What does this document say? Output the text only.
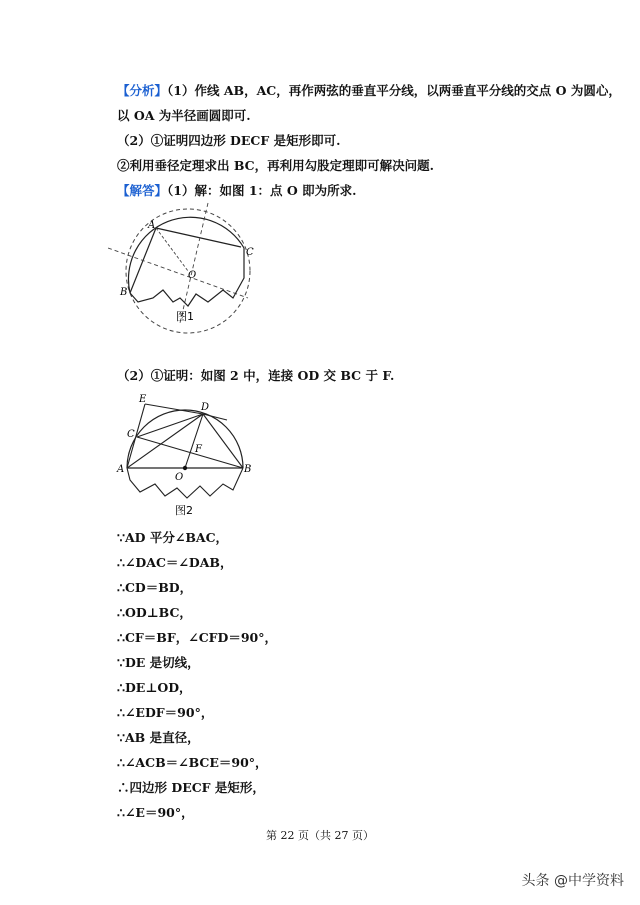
【分析】（1）作线 AB，AC，再作两弦的垂直平分线，以两垂直平分线的交点 O 为圆心，
以 OA 为半径画圆即可.
（2）①证明四边形 DECF 是矩形即可.
②利用垂径定理求出 BC，再利用勾股定理即可解决问题.
【解答】（1）解：如图 1：点 O 即为所求.
A
B
C
O
图1
（2）①证明：如图 2 中，连接 OD 交 BC 于 F.
E
D
C
F
A	B
O
图2
∵AD 平分∠BAC，
∴∠DAC＝∠DAB，
∴CD＝BD，
∴OD⊥BC，
∴CF＝BF，∠CFD＝90°，
∵DE 是切线，
∴DE⊥OD，
∴∠EDF＝90°，
∵AB 是直径，
∴∠ACB＝∠BCE＝90°，
∴四边形 DECF 是矩形，
∴∠E＝90°，
第 22 页（共 27 页）
头条 @中学资料
